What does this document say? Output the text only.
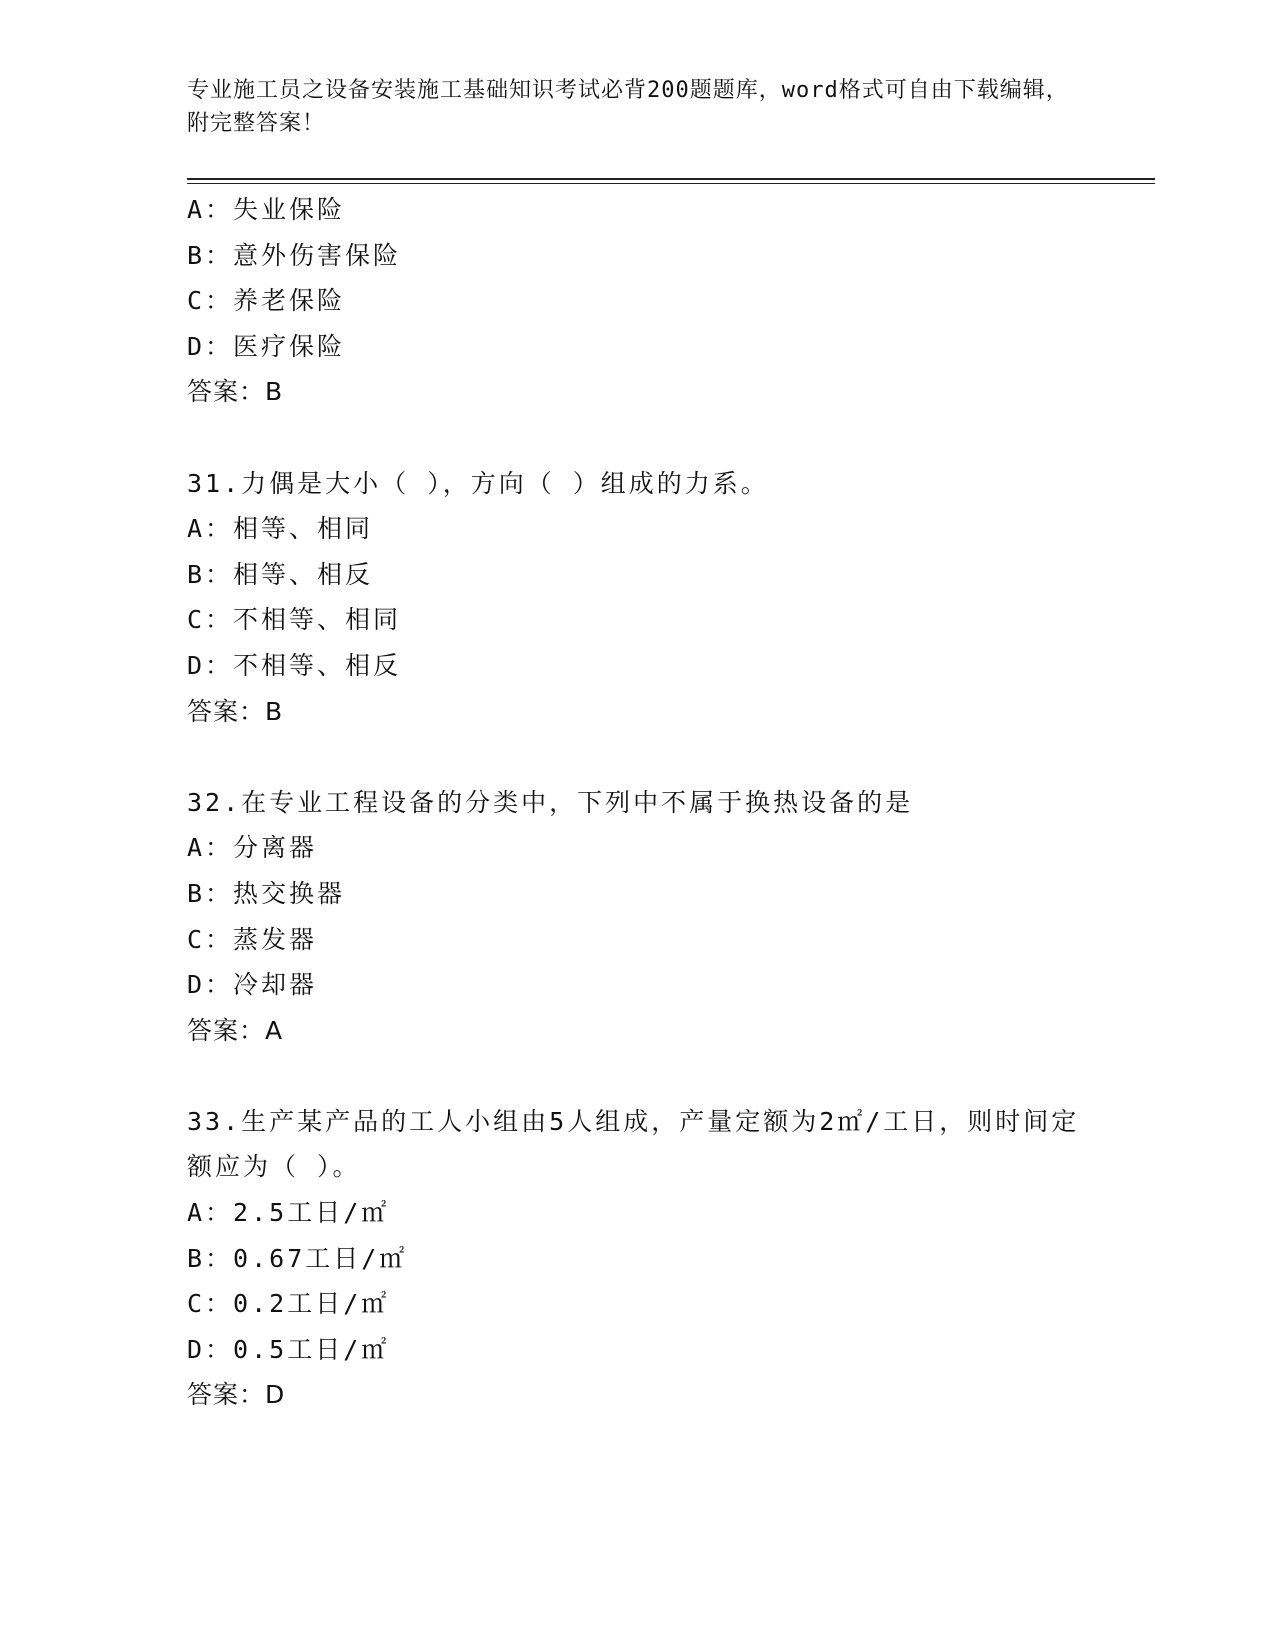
专业施工员之设备安装施工基础知识考试必背200题题库，word格式可自由下载编辑，附完整答案！
A：失业保险
B：意外伤害保险
C：养老保险
D：医疗保险
答案：B
31.力偶是大小（ ），方向（ ）组成的力系。
A：相等、相同
B：相等、相反
C：不相等、相同
D：不相等、相反
答案：B
32.在专业工程设备的分类中，下列中不属于换热设备的是
A：分离器
B：热交换器
C：蒸发器
D：冷却器
答案：A
33.生产某产品的工人小组由5人组成，产量定额为2㎡/工日，则时间定额应为（ ）。
A：2.5工日/㎡
B：0.67工日/㎡
C：0.2工日/㎡
D：0.5工日/㎡
答案：D
